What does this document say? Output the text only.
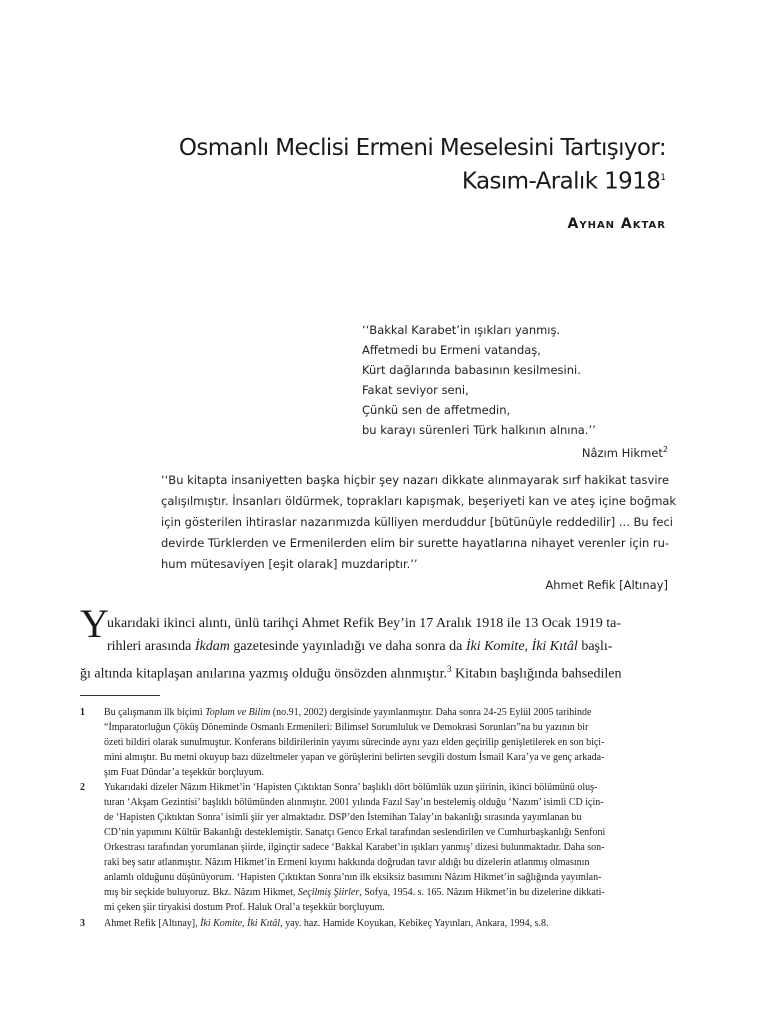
Osmanlı Meclisi Ermeni Meselesini Tartışıyor:
Kasım-Aralık 1918$^1$
Ayhan Aktar
‘‘Bakkal Karabet’in ışıkları yanmış.
Affetmedi bu Ermeni vatandaş,
Kürt dağlarında babasının kesilmesini.
Fakat seviyor seni,
Çünkü sen de affetmedin,
bu karayı sürenleri Türk halkının alnına.’’
Nâzım Hikmet$^2$
‘‘Bu kitapta insaniyetten başka hiçbir şey nazarı dikkate alınmayarak sırf hakikat tasvire
çalışılmıştır. İnsanları öldürmek, toprakları kapışmak, beşeriyeti kan ve ateş içine boğmak
için gösterilen ihtiraslar nazarımızda külliyen merduddur [bütünüyle reddedilir] ... Bu feci
devirde Türklerden ve Ermenilerden elim bir surette hayatlarına nihayet verenler için ru-
hum mütesaviyen [eşit olarak] muzdariptır.’’
Ahmet Refik [Altınay]
Y
ukarıdaki ikinci alıntı, ünlü tarihçi Ahmet Refik Bey’in 17 Aralık 1918 ile 13 Ocak 1919 ta-
rihleri arasında İkdam gazetesinde yayınladığı ve daha sonra da İki Komite, İki Kıtâl başlı-
ğı altında kitaplaşan anılarına yazmış olduğu önsözden alınmıştır.$^3$ Kitabın başlığında bahsedilen
1 Bu çalışmanın ilk biçimi Toplum ve Bilim (no.91, 2002) dergisinde yayınlanmıştır. Daha sonra 24-25 Eylül 2005 tarihinde
“İmparatorluğun Çöküş Döneminde Osmanlı Ermenileri: Bilimsel Sorumluluk ve Demokrasi Sorunları”na bu yazının bir
özeti bildiri olarak sunulmuştur. Konferans bildirilerinin yayımı sürecinde aynı yazı elden geçirilip genişletilerek en son biçi-
mini almıştır. Bu metni okuyup bazı düzeltmeler yapan ve görüşlerini belirten sevgili dostum İsmail Kara’ya ve genç arkada-
şım Fuat Dündar’a teşekkür borçluyum.
2 Yukarıdaki dizeler Nâzım Hikmet’in ‘Hapisten Çıktıktan Sonra’ başlıklı dört bölümlük uzun şiirinin, ikinci bölümünü oluş-
turan ‘Akşam Gezintisi’ başlıklı bölümünden alınmıştır. 2001 yılında Fazıl Say’ın bestelemiş olduğu ‘Nazım’ isimli CD için-
de ‘Hapisten Çıktıktan Sonra’ isimli şiir yer almaktadır. DSP’den İstemihan Talay’ın bakanlığı sırasında yayımlanan bu
CD’nin yapımını Kültür Bakanlığı desteklemiştir. Sanatçı Genco Erkal tarafından seslendirilen ve Cumhurbaşkanlığı Senfoni
Orkestrası tarafından yorumlanan şiirde, ilginçtir sadece ‘Bakkal Karabet’in ışıkları yanmış’ dizesi bulunmaktadır. Daha son-
raki beş satır atlanmıştır. Nâzım Hikmet’in Ermeni kıyımı hakkında doğrudan tavır aldığı bu dizelerin atlanmış olmasının
anlamlı olduğunu düşünüyorum. ‘Hapisten Çıktıktan Sonra’nın ilk eksiksiz basımını Nâzım Hikmet’in sağlığında yayımlan-
mış bir seçkide buluyoruz. Bkz. Nâzım Hikmet, Seçilmiş Şiirler, Sofya, 1954. s. 165. Nâzım Hikmet’in bu dizelerine dikkati-
mi çeken şiir tiryakisi dostum Prof. Haluk Oral’a teşekkür borçluyum.
3 Ahmet Refik [Altınay], İki Komite, İki Kıtâl, yay. haz. Hamide Koyukan, Kebikeç Yayınları, Ankara, 1994, s.8.
